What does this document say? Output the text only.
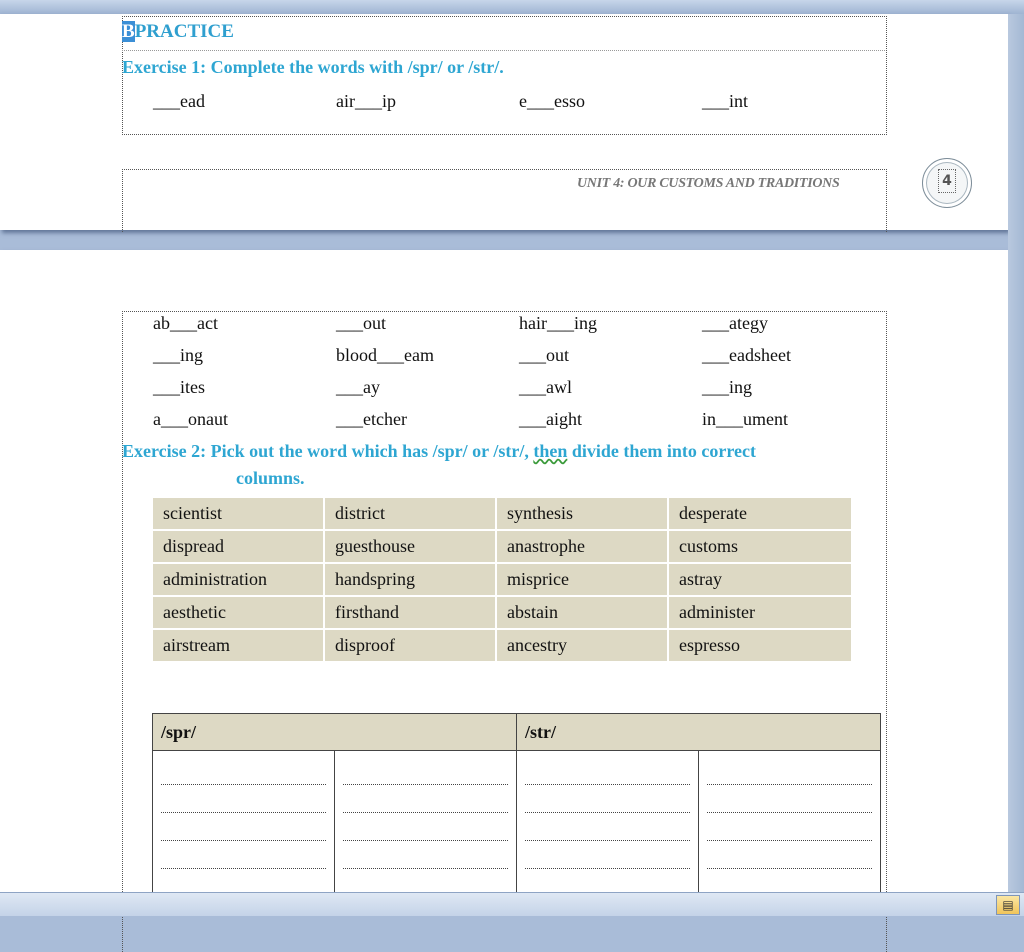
BPRACTICE
Exercise 1: Complete the words with /spr/ or /str/.
___ead	air___ip	e___esso	___int
UNIT 4: OUR CUSTOMS AND TRADITIONS	4
ab___act	___out	hair___ing	___ategy
___ing	blood___eam	___out	___eadsheet
___ites	___ay	___awl	___ing
a___onaut	___etcher	___aight	in___ument
Exercise 2: Pick out the word which has /spr/ or /str/, then divide them into correct
columns.
scientist	district	synthesis	desperate
dispread	guesthouse	anastrophe	customs
administration	handspring	misprice	astray
aesthetic	firsthand	abstain	administer
airstream	disproof	ancestry	espresso
/spr/		/str/	

▤
